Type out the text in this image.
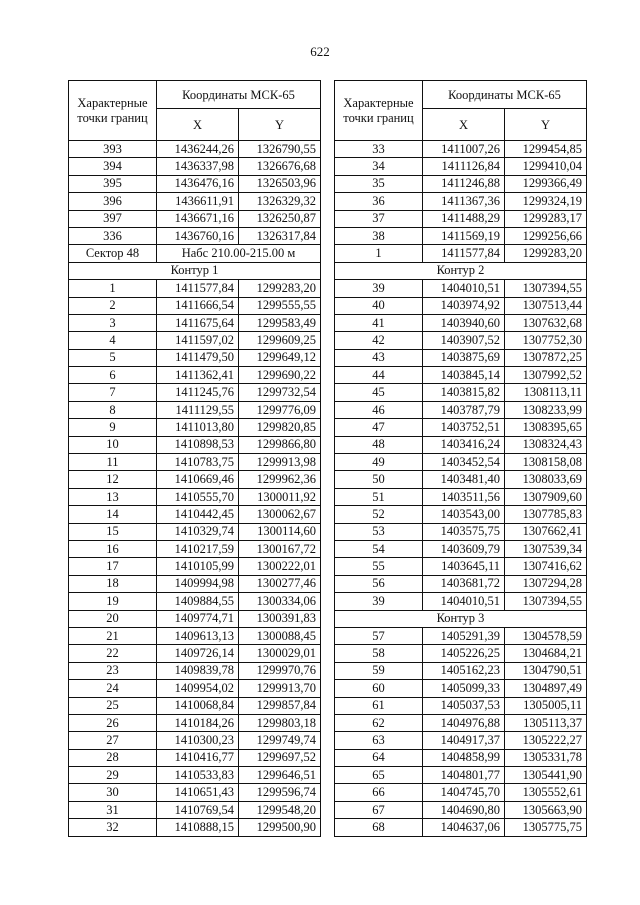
622
Характерные точки границ	Координаты МСК-65	
	X	Y
393	1436244,26	1326790,55
394	1436337,98	1326676,68
395	1436476,16	1326503,96
396	1436611,91	1326329,32
397	1436671,16	1326250,87
336	1436760,16	1326317,84
Сектор 48	Набс 210.00-215.00 м	
Контур 1		
1	1411577,84	1299283,20
2	1411666,54	1299555,55
3	1411675,64	1299583,49
4	1411597,02	1299609,25
5	1411479,50	1299649,12
6	1411362,41	1299690,22
7	1411245,76	1299732,54
8	1411129,55	1299776,09
9	1411013,80	1299820,85
10	1410898,53	1299866,80
11	1410783,75	1299913,98
12	1410669,46	1299962,36
13	1410555,70	1300011,92
14	1410442,45	1300062,67
15	1410329,74	1300114,60
16	1410217,59	1300167,72
17	1410105,99	1300222,01
18	1409994,98	1300277,46
19	1409884,55	1300334,06
20	1409774,71	1300391,83
21	1409613,13	1300088,45
22	1409726,14	1300029,01
23	1409839,78	1299970,76
24	1409954,02	1299913,70
25	1410068,84	1299857,84
26	1410184,26	1299803,18
27	1410300,23	1299749,74
28	1410416,77	1299697,52
29	1410533,83	1299646,51
30	1410651,43	1299596,74
31	1410769,54	1299548,20
32	1410888,15	1299500,90
Характерные точки границ	Координаты МСК-65	
	X	Y
33	1411007,26	1299454,85
34	1411126,84	1299410,04
35	1411246,88	1299366,49
36	1411367,36	1299324,19
37	1411488,29	1299283,17
38	1411569,19	1299256,66
1	1411577,84	1299283,20
Контур 2		
39	1404010,51	1307394,55
40	1403974,92	1307513,44
41	1403940,60	1307632,68
42	1403907,52	1307752,30
43	1403875,69	1307872,25
44	1403845,14	1307992,52
45	1403815,82	1308113,11
46	1403787,79	1308233,99
47	1403752,51	1308395,65
48	1403416,24	1308324,43
49	1403452,54	1308158,08
50	1403481,40	1308033,69
51	1403511,56	1307909,60
52	1403543,00	1307785,83
53	1403575,75	1307662,41
54	1403609,79	1307539,34
55	1403645,11	1307416,62
56	1403681,72	1307294,28
39	1404010,51	1307394,55
Контур 3		
57	1405291,39	1304578,59
58	1405226,25	1304684,21
59	1405162,23	1304790,51
60	1405099,33	1304897,49
61	1405037,53	1305005,11
62	1404976,88	1305113,37
63	1404917,37	1305222,27
64	1404858,99	1305331,78
65	1404801,77	1305441,90
66	1404745,70	1305552,61
67	1404690,80	1305663,90
68	1404637,06	1305775,75
